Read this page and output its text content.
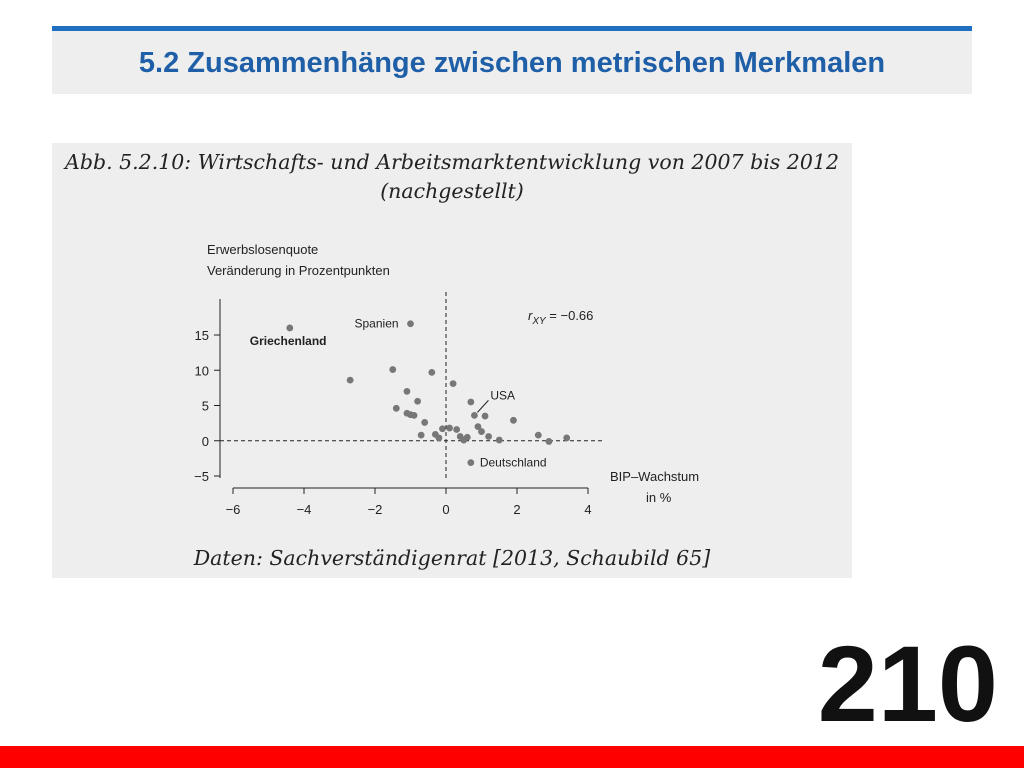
5.2 Zusammenhänge zwischen metrischen Merkmalen
Abb. 5.2.10: Wirtschafts- und Arbeitsmarktentwicklung von 2007 bis 2012
(nachgestellt)
15
10
5
0
−5
−6	−4	−2	0	2	4
Erwerbslosenquote
Veränderung in Prozentpunkten
BIP–Wachstum
in %
$r_{XY} = -0.66$
Griechenland
Spanien
USA
Deutschland
Daten: Sachverständigenrat [2013, Schaubild 65]
210
